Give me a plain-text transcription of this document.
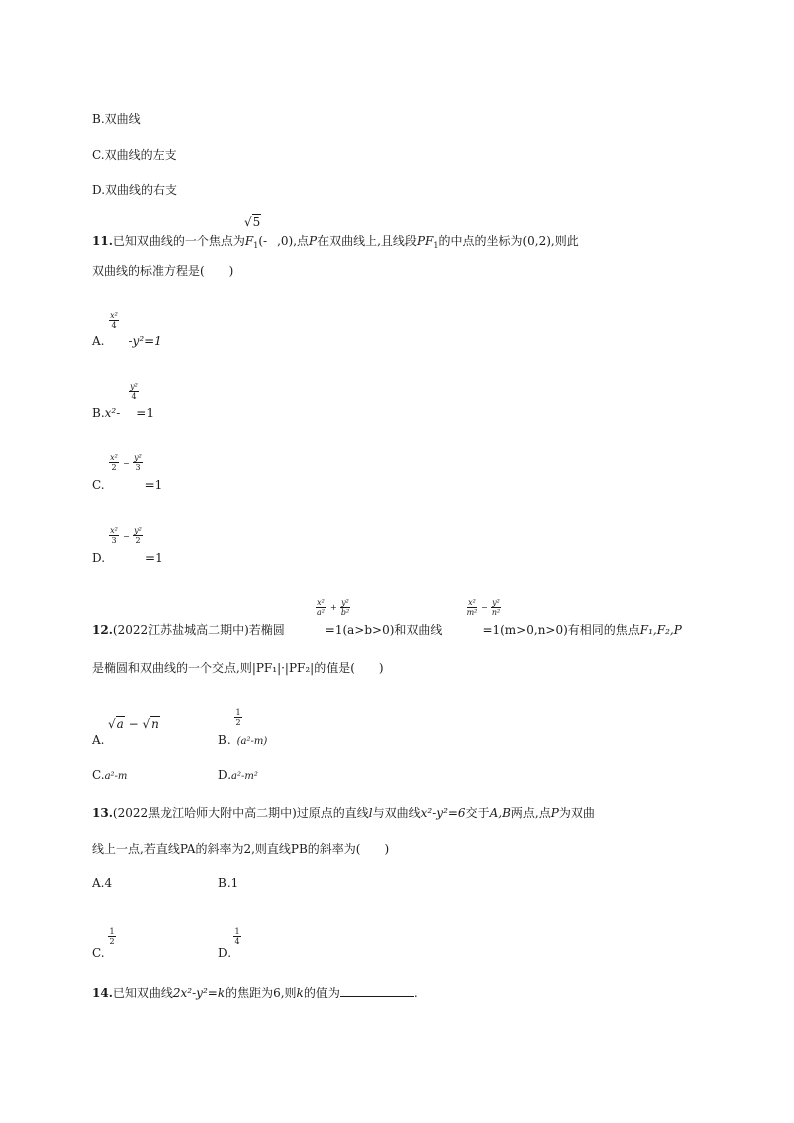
B.双曲线
C.双曲线的左支
D.双曲线的右支
11.已知双曲线的一个焦点为$F_1(-$ ,0),点P在双曲线上,且线段$PF_1$的中点的坐标为(0,2),则此
√5
双曲线的标准方程是(　　)
x²
4
A. -y²=1
y²
4
B.x²- =1
x²
2 −
y²
3
C.	=1
x²
3 −
y²
2
D.	=1
x²
a²
+
y²
b²
x²
m²
−
y²
n²
12.(2022江苏盐城高二期中)若椭圆	=1(a>b>0)和双曲线	=1(m>0,n>0)有相同的焦点F₁,F₂,P
是椭圆和双曲线的一个交点,则|PF₁|·|PF₂|的值是(　　)
A.
√a − √n
1
2
B. (a²-m)
C.a²-m	D.a²-m²
13.(2022黑龙江哈师大附中高二期中)过原点的直线l与双曲线x²-y²=6交于A,B两点,点P为双曲
线上一点,若直线PA的斜率为2,则直线PB的斜率为(　　)
A.4	B.1
1
2
C.
1
4
D.
14.已知双曲线2x²-y²=k的焦距为6,则k的值为	.
